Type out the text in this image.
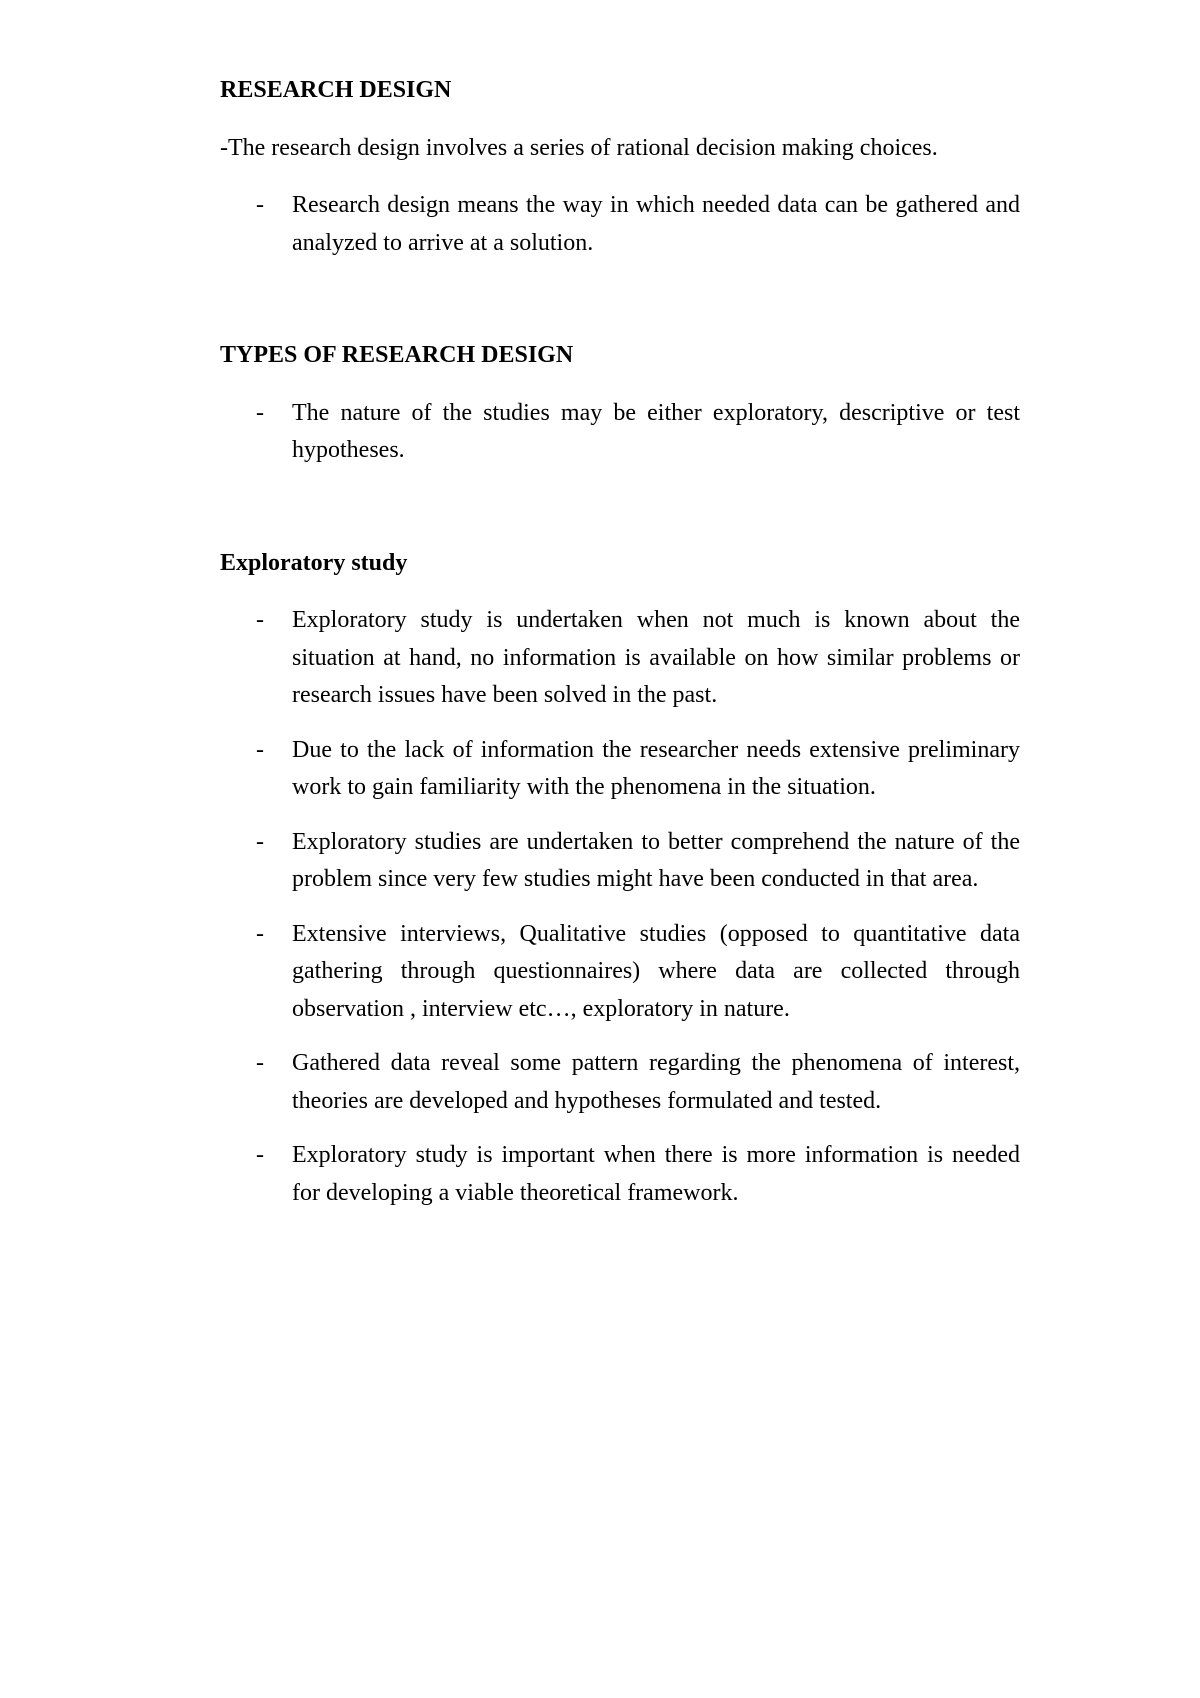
RESEARCH DESIGN

-The research design involves a series of rational decision making choices.

- Research design means the way in which needed data can be gathered and analyzed to arrive at a solution.

TYPES OF RESEARCH DESIGN

- The nature of the studies may be either exploratory, descriptive or test hypotheses.

Exploratory study

- Exploratory study is undertaken when not much is known about the situation at hand, no information is available on how similar problems or research issues have been solved in the past.
- Due to the lack of information the researcher needs extensive preliminary work to gain familiarity with the phenomena in the situation.
- Exploratory studies are undertaken to better comprehend the nature of the problem since very few studies might have been conducted in that area.
- Extensive interviews, Qualitative studies (opposed to quantitative data gathering through questionnaires) where data are collected through observation , interview etc…, exploratory in nature.
- Gathered data reveal some pattern regarding the phenomena of interest, theories are developed and hypotheses formulated and tested.
- Exploratory study is important when there is more information is needed for developing a viable theoretical framework.
